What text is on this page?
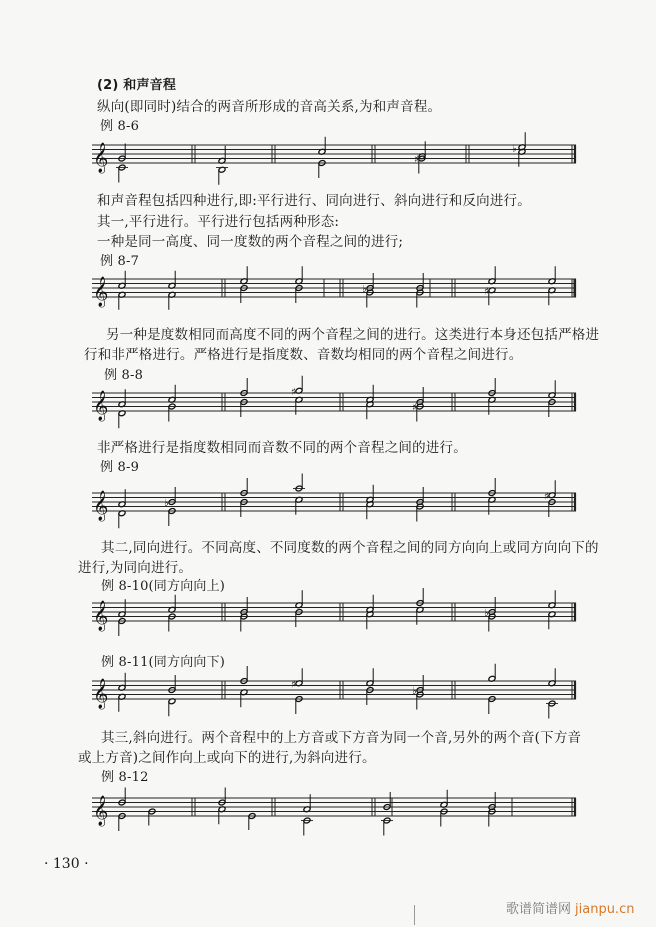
(2) 和声音程
纵向(即同时)结合的两音所形成的音高关系,为和声音程。
例 8-6
𝄞	♯
♭
和声音程包括四种进行,即:平行进行、同向进行、斜向进行和反向进行。
其一,平行进行。平行进行包括两种形态:
一种是同一高度、同一度数的两个音程之间的进行;
例 8-7
𝄞	♭	♯
另一种是度数相同而高度不同的两个音程之间的进行。这类进行本身还包括严格进
行和非严格进行。严格进行是指度数、音数均相同的两个音程之间进行。
例 8-8
𝄞	♯
♯
非严格进行是指度数相同而音数不同的两个音程之间的进行。
例 8-9
𝄞	♭
♯
其二,同向进行。不同高度、不同度数的两个音程之间的同方向向上或同方向向下的
进行,为同向进行。
例 8-10(同方向向上)
𝄞	♭
例 8-11(同方向向下)
𝄞	♯
♭
其三,斜向进行。两个音程中的上方音或下方音为同一个音,另外的两个音(下方音
或上方音)之间作向上或向下的进行,为斜向进行。
例 8-12
𝄞
· 130 ·
歌谱简谱网 jianpu.cn
